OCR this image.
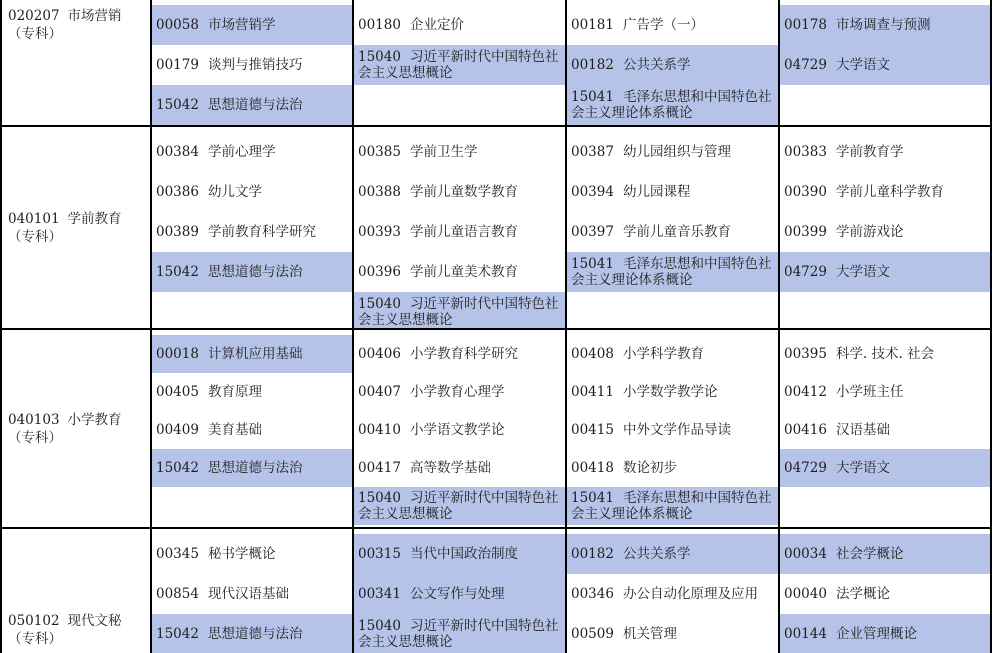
020207 市场营销
（专科）
00058 市场营销学
00179 谈判与推销技巧
15042 思想道德与法治
00180 企业定价
15040 习近平新时代中国特色社会主义思想概论
00181 广告学（一）
00182 公共关系学
15041 毛泽东思想和中国特色社会主义理论体系概论
00178 市场调查与预测
04729 大学语文
040101 学前教育
（专科）
00384 学前心理学
00386 幼儿文学
00389 学前教育科学研究
15042 思想道德与法治
00385 学前卫生学
00388 学前儿童数学教育
00393 学前儿童语言教育
00396 学前儿童美术教育
15040 习近平新时代中国特色社会主义思想概论
00387 幼儿园组织与管理
00394 幼儿园课程
00397 学前儿童音乐教育
15041 毛泽东思想和中国特色社会主义理论体系概论
00383 学前教育学
00390 学前儿童科学教育
00399 学前游戏论
04729 大学语文
040103 小学教育
（专科）
00018 计算机应用基础
00405 教育原理
00409 美育基础
15042 思想道德与法治
00406 小学教育科学研究
00407 小学教育心理学
00410 小学语文教学论
00417 高等数学基础
15040 习近平新时代中国特色社会主义思想概论
00408 小学科学教育
00411 小学数学教学论
00415 中外文学作品导读
00418 数论初步
15041 毛泽东思想和中国特色社会主义理论体系概论
00395 科学. 技术. 社会
00412 小学班主任
00416 汉语基础
04729 大学语文
050102 现代文秘
（专科）
00345 秘书学概论
00854 现代汉语基础
15042 思想道德与法治
00315 当代中国政治制度
00341 公文写作与处理
15040 习近平新时代中国特色社会主义思想概论
00182 公共关系学
00346 办公自动化原理及应用
00509 机关管理
00034 社会学概论
00040 法学概论
00144 企业管理概论
